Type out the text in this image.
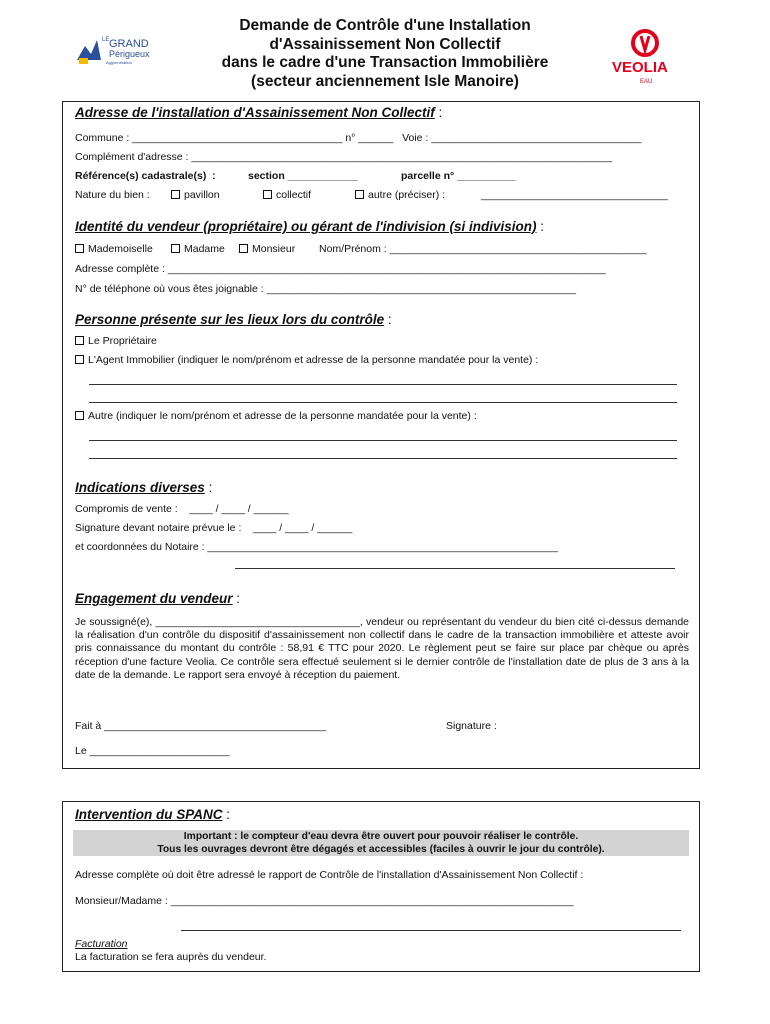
LE GRAND
Périgueux
Agglomération
Demande de Contrôle d'une Installation
d'Assainissement Non Collectif
dans le cadre d'une Transaction Immobilière
(secteur anciennement Isle Manoire)
VEOLIA
EAU
Adresse de l'installation d'Assainissement Non Collectif :
Commune : ____________________________________ n° ______   Voie : ____________________________________
Complément d'adresse : ________________________________________________________________________
Référence(s) cadastrale(s)  :	section ____________	parcelle n° __________
Nature du bien :	pavillon	collectif	autre (préciser) :	________________________________
Identité du vendeur (propriétaire) ou gérant de l'indivision (si indivision) :
Mademoiselle	Madame	Monsieur Nom/Prénom : ____________________________________________
Adresse complète : ___________________________________________________________________________
N° de téléphone où vous êtes joignable : _____________________________________________________
Personne présente sur les lieux lors du contrôle :
Le Propriétaire
L'Agent Immobilier (indiquer le nom/prénom et adresse de la personne mandatée pour la vente) :
Autre (indiquer le nom/prénom et adresse de la personne mandatée pour la vente) :
Indications diverses :
Compromis de vente :    ____ / ____ / ______
Signature devant notaire prévue le :    ____ / ____ / ______
et coordonnées du Notaire : ____________________________________________________________
Engagement du vendeur :
Je soussigné(e), ___________________________________, vendeur ou représentant du vendeur du bien cité ci-dessus demande la réalisation d'un contrôle du dispositif d'assainissement non collectif dans le cadre de la transaction immobilière et atteste avoir pris connaissance du montant du contrôle : 58,91 € TTC pour 2020. Le règlement peut se faire sur place par chèque ou après réception d'une facture Veolia. Ce contrôle sera effectué seulement si le dernier contrôle de l'installation date de plus de 3 ans à la date de la demande. Le rapport sera envoyé à réception du paiement.
Fait à ______________________________________	Signature :
Le ________________________
Intervention du SPANC :
Important : le compteur d'eau devra être ouvert pour pouvoir réaliser le contrôle.
Tous les ouvrages devront être dégagés et accessibles (faciles à ouvrir le jour du contrôle).
Adresse complète où doit être adressé le rapport de Contrôle de l'installation d'Assainissement Non Collectif :
Monsieur/Madame : _____________________________________________________________________
Facturation
La facturation se fera auprès du vendeur.
